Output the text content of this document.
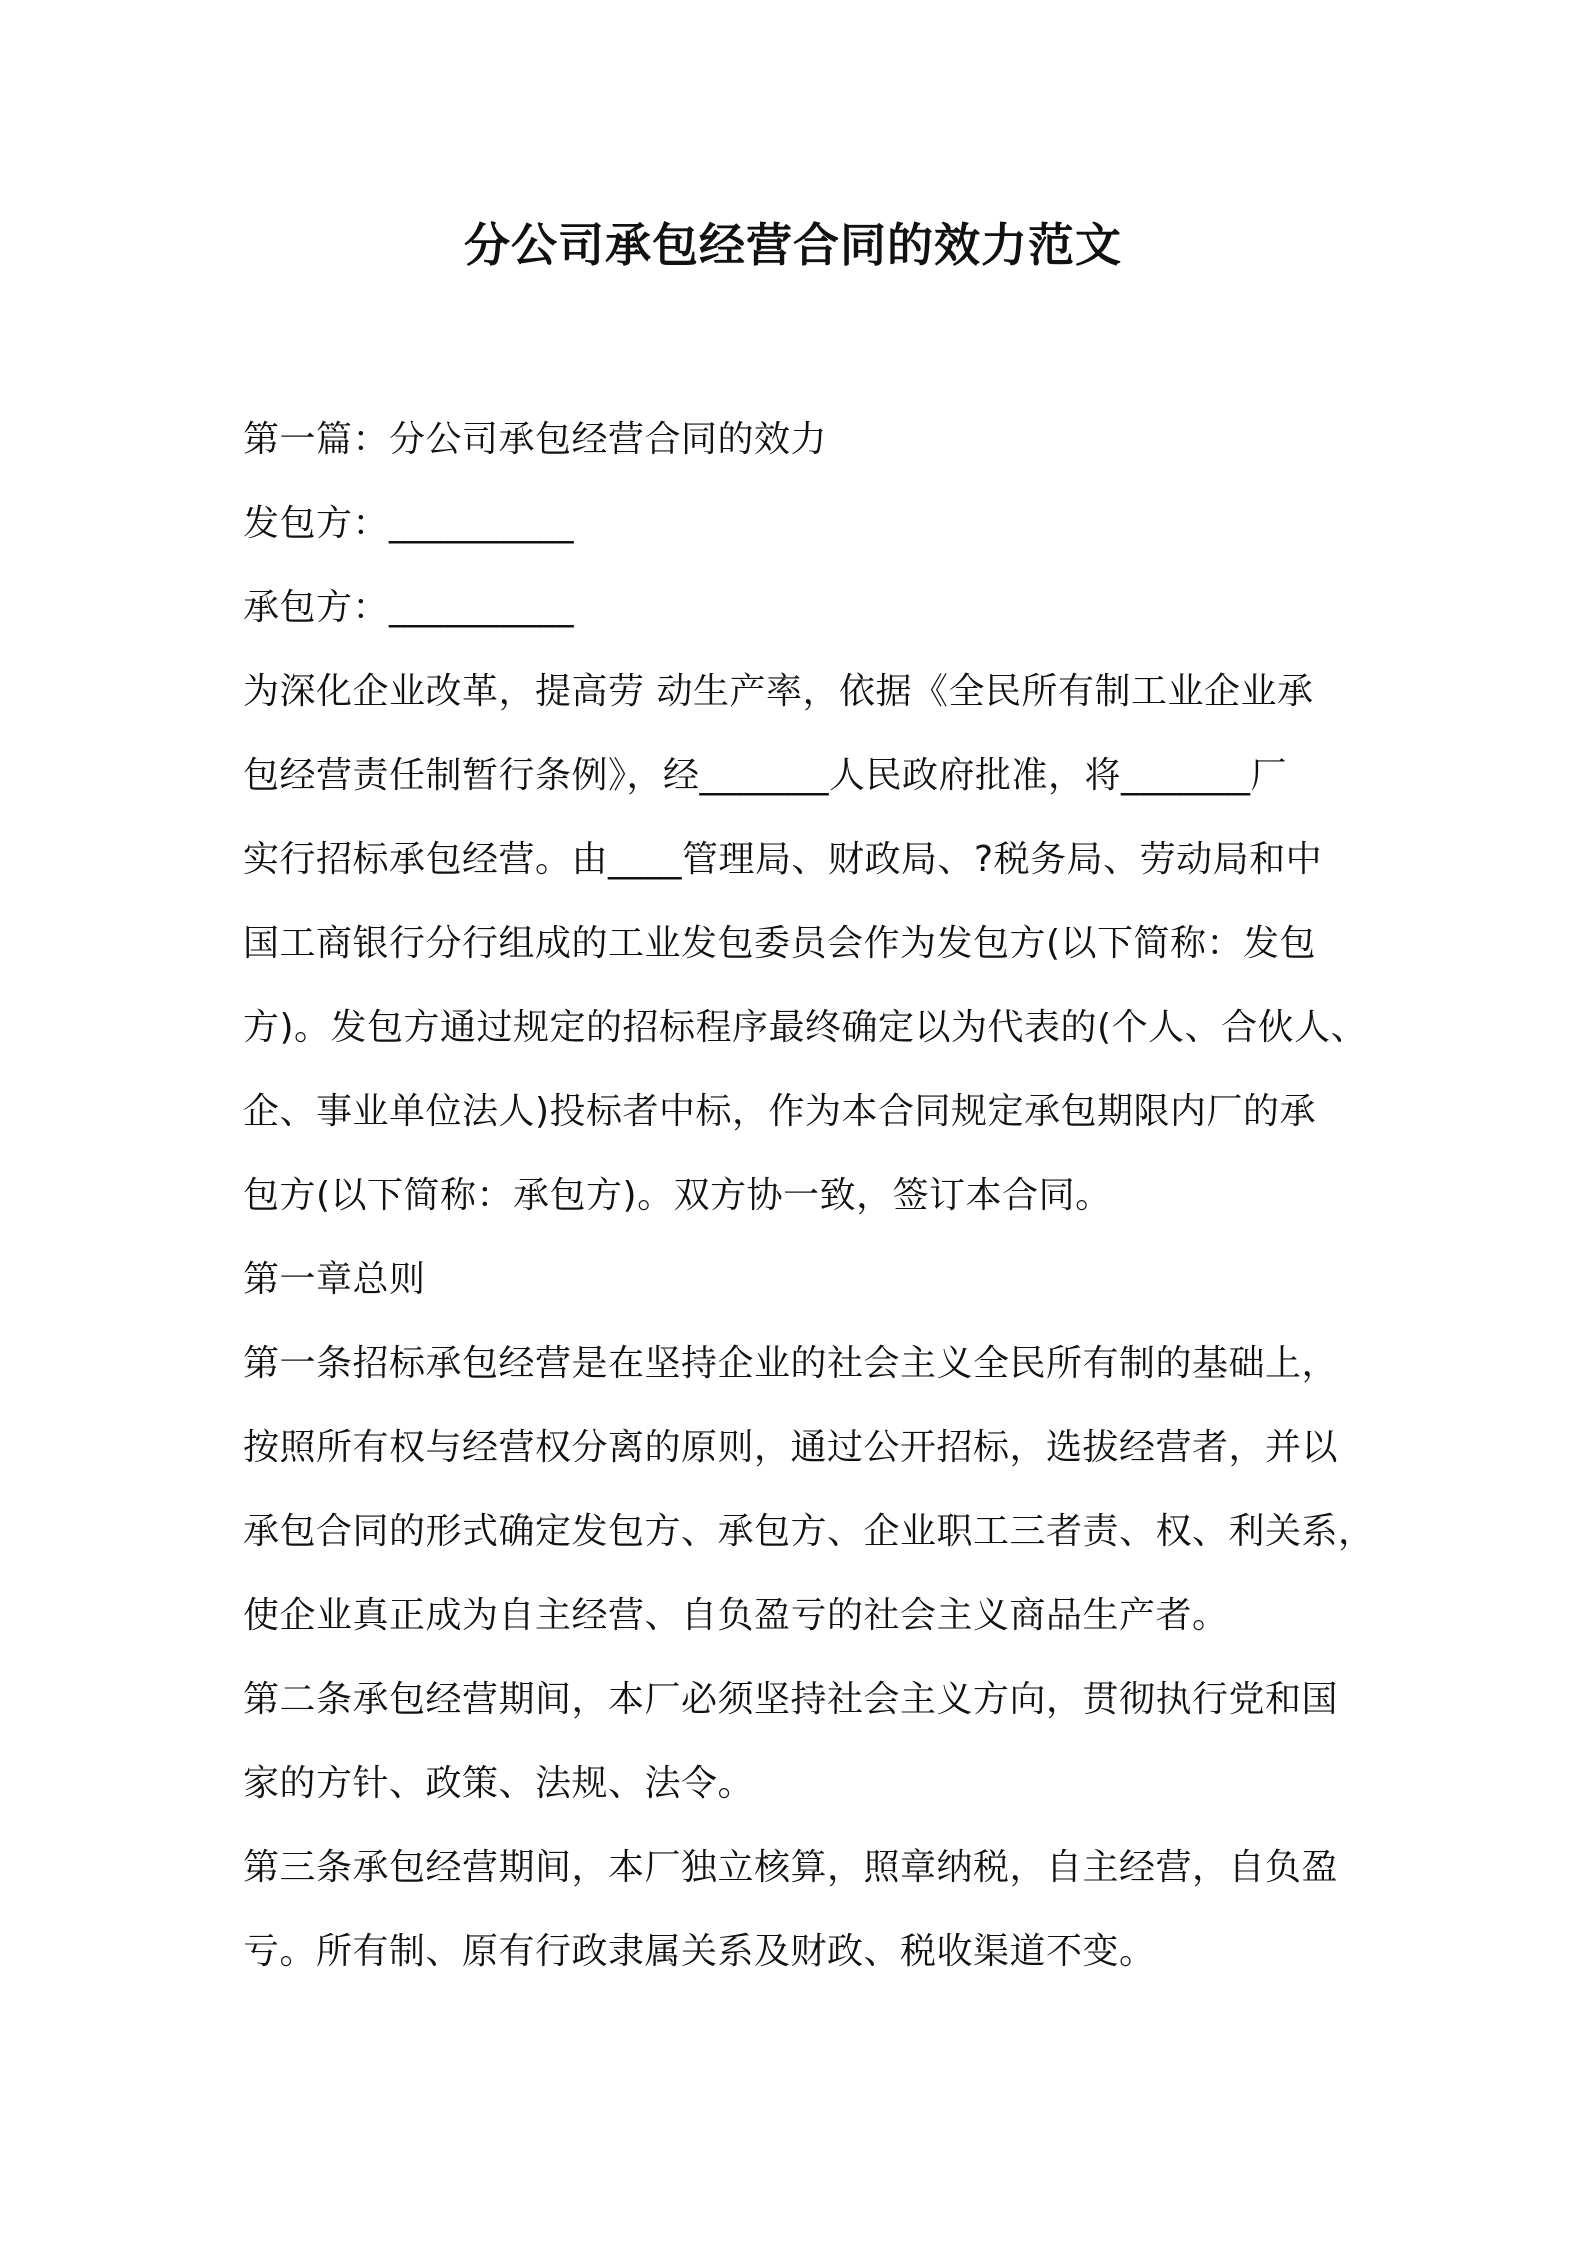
分公司承包经营合同的效力范文
第一篇：分公司承包经营合同的效力
发包方：__________
承包方：__________
为深化企业改革，提高劳 动生产率，依据《全民所有制工业企业承
包经营责任制暂行条例》，经_______人民政府批准，将_______厂
实行招标承包经营。由____管理局、财政局、?税务局、劳动局和中
国工商银行分行组成的工业发包委员会作为发包方(以下简称：发包
方)。发包方通过规定的招标程序最终确定以为代表的(个人、合伙人、
企、事业单位法人)投标者中标，作为本合同规定承包期限内厂的承
包方(以下简称：承包方)。双方协一致，签订本合同。
第一章总则
第一条招标承包经营是在坚持企业的社会主义全民所有制的基础上，
按照所有权与经营权分离的原则，通过公开招标，选拔经营者，并以
承包合同的形式确定发包方、承包方、企业职工三者责、权、利关系，
使企业真正成为自主经营、自负盈亏的社会主义商品生产者。
第二条承包经营期间，本厂必须坚持社会主义方向，贯彻执行党和国
家的方针、政策、法规、法令。
第三条承包经营期间，本厂独立核算，照章纳税，自主经营，自负盈
亏。所有制、原有行政隶属关系及财政、税收渠道不变。
